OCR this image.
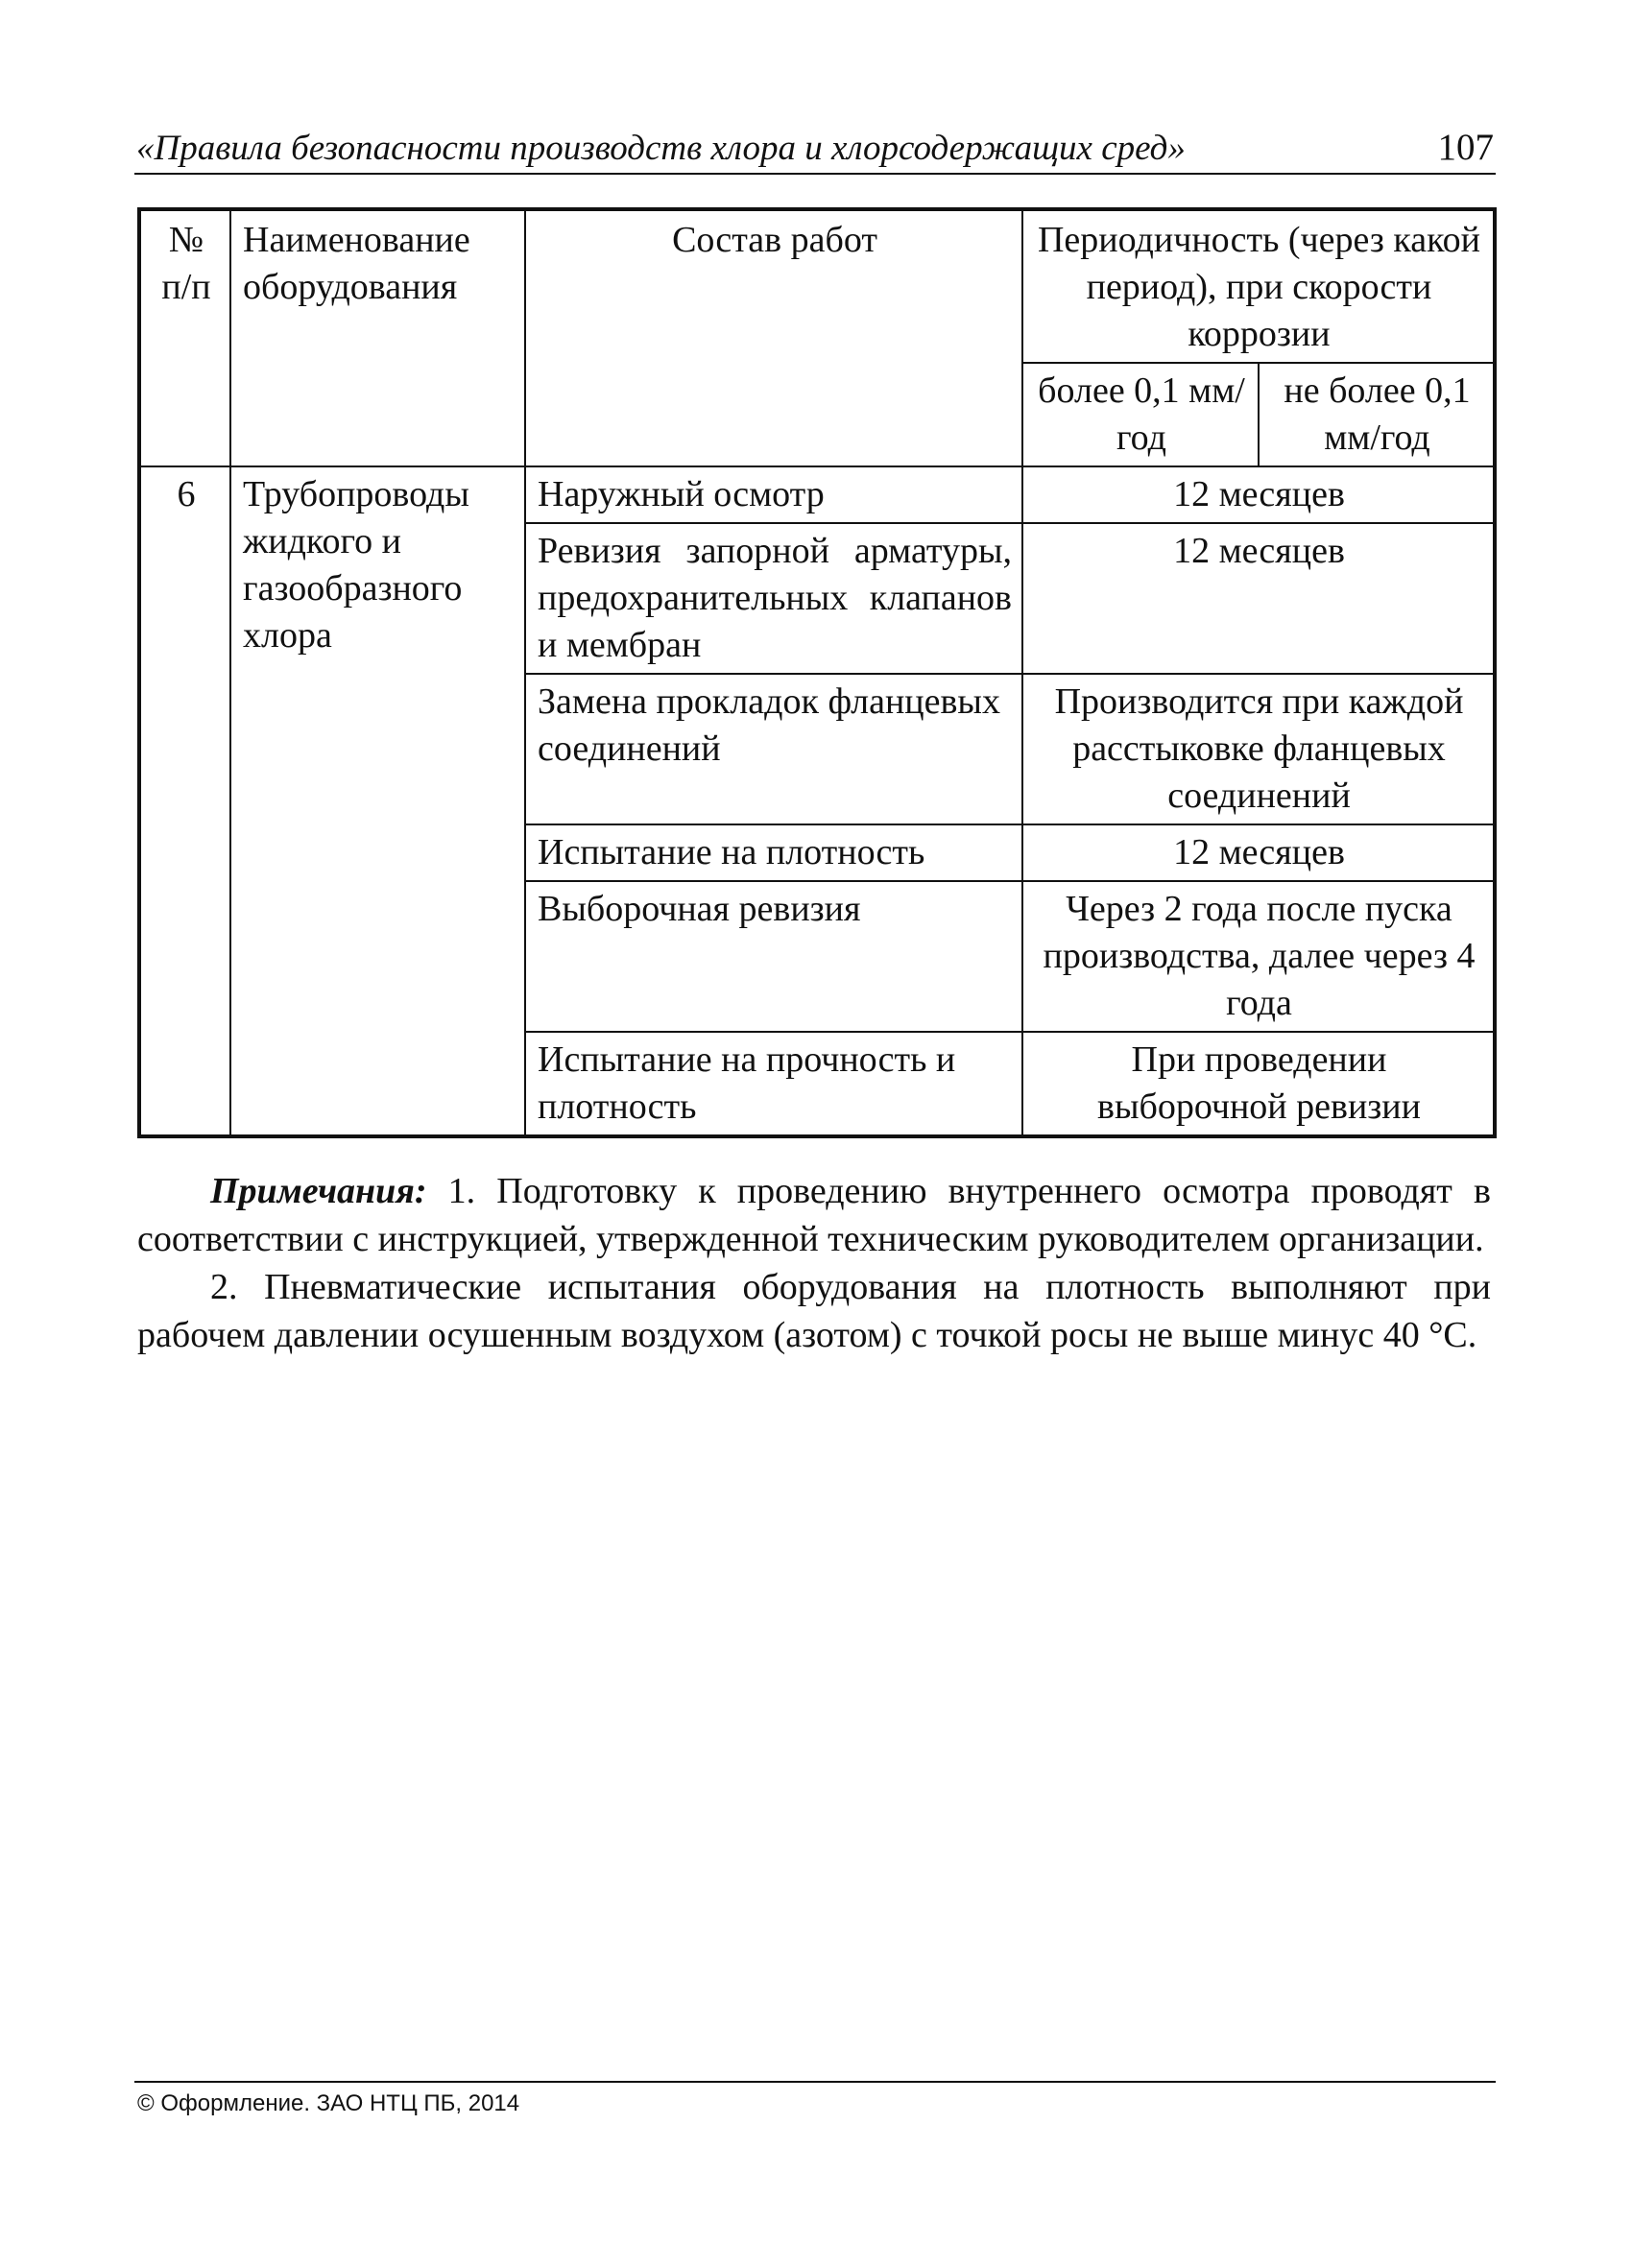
«Правила безопасности производств хлора и хлорсодержащих сред»	107
№ п/п	Наименование оборудования	Состав работ	Периодичность (через какой период), при скорости коррозии	
			более 0,1 мм/год	не более 0,1 мм/год
6	Трубопроводы жидкого и газообразного хлора	Наружный осмотр	12 месяцев	
		Ревизия запорной арматуры, предохранительных клапанов и мембран	12 месяцев	
		Замена прокладок фланцевых соединений	Производится при каждой расстыковке фланцевых соединений	
		Испытание на плотность	12 месяцев	
		Выборочная ревизия	Через 2 года после пуска производства, далее через 4 года	
		Испытание на прочность и плотность	При проведении выборочной ревизии	

Примечания: 1. Подготовку к проведению внутреннего осмотра проводят в соответствии с инструкцией, утвержденной техническим руководителем организации.

2. Пневматические испытания оборудования на плотность выполняют при рабочем давлении осушенным воздухом (азотом) с точкой росы не выше минус 40 °С.

© Оформление. ЗАО НТЦ ПБ, 2014
